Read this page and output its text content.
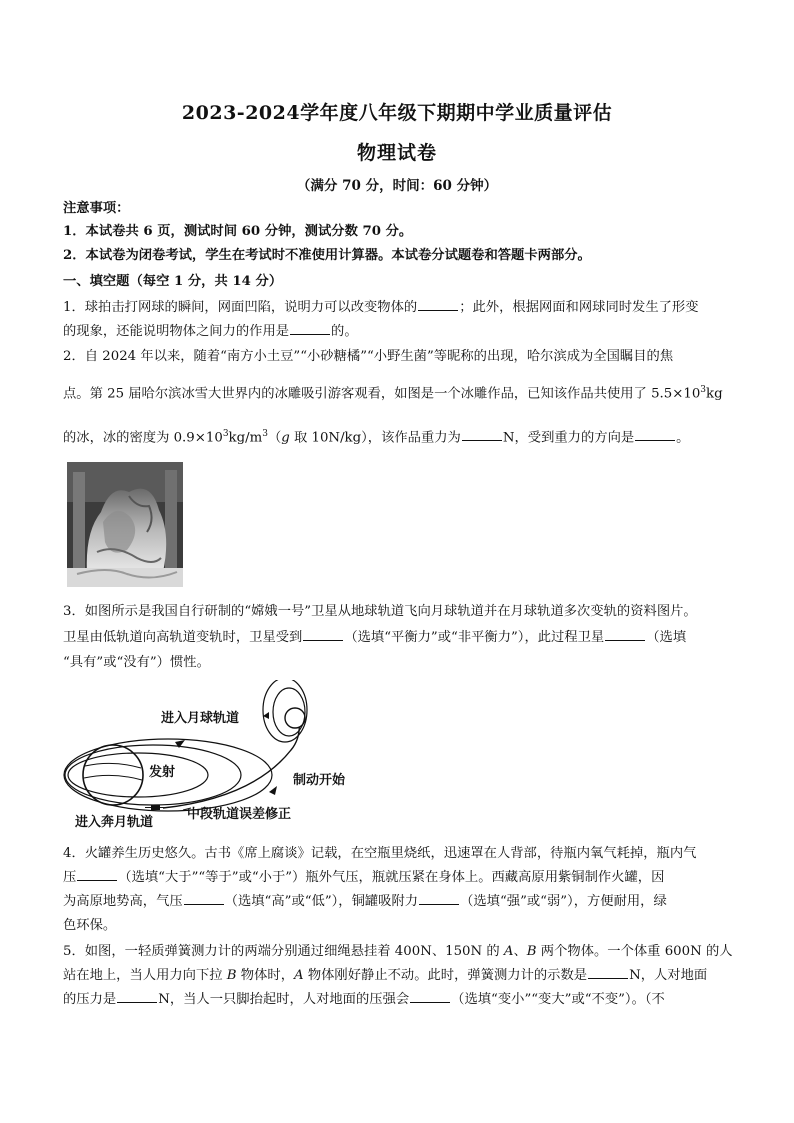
2023-2024学年度八年级下期期中学业质量评估
物理试卷
（满分 70 分，时间：60 分钟）
注意事项：
1．本试卷共 6 页，测试时间 60 分钟，测试分数 70 分。
2．本试卷为闭卷考试，学生在考试时不准使用计算器。本试卷分试题卷和答题卡两部分。
一、填空题（每空 1 分，共 14 分）
1．球拍击打网球的瞬间，网面凹陷，说明力可以改变物体的	；此外，根据网面和网球同时发生了形变
的现象，还能说明物体之间力的作用是	的。
2．自 2024 年以来，随着“南方小土豆”“小砂糖橘”“小野生菌”等昵称的出现，哈尔滨成为全国瞩目的焦
点。第 25 届哈尔滨冰雪大世界内的冰雕吸引游客观看，如图是一个冰雕作品，已知该作品共使用了 $5.5\times 10^3kg$
的冰，冰的密度为 $0.9\times 10^3kg/m^3(g$ 取 10N/kg），该作品重力为	N，受到重力的方向是	。
3．如图所示是我国自行研制的“嫦娥一号”卫星从地球轨道飞向月球轨道并在月球轨道多次变轨的资料图片。
卫星由低轨道向高轨道变轨时，卫星受到	（选填“平衡力”或“非平衡力”），此过程卫星	（选填
“具有”或“没有”）惯性。
进入月球轨道
发射
制动开始
中段轨道误差修正
进入奔月轨道
4．火罐养生历史悠久。古书《席上腐谈》记载，在空瓶里烧纸，迅速罩在人背部，待瓶内氧气耗掉，瓶内气
压	（选填“大于”“等于”或“小于”）瓶外气压，瓶就压紧在身体上。西藏高原用紫铜制作火罐，因
为高原地势高，气压	（选填“高”或“低”），铜罐吸附力	（选填“强”或“弱”），方便耐用，绿
色环保。
5．如图，一轻质弹簧测力计的两端分别通过细绳悬挂着 400N、150N 的 A、B 两个物体。一个体重 600N 的人
站在地上，当人用力向下拉 B 物体时，A 物体刚好静止不动。此时，弹簧测力计的示数是	N，人对地面
的压力是	N，当人一只脚抬起时，人对地面的压强会	（选填“变小”“变大”或“不变”）。（不
